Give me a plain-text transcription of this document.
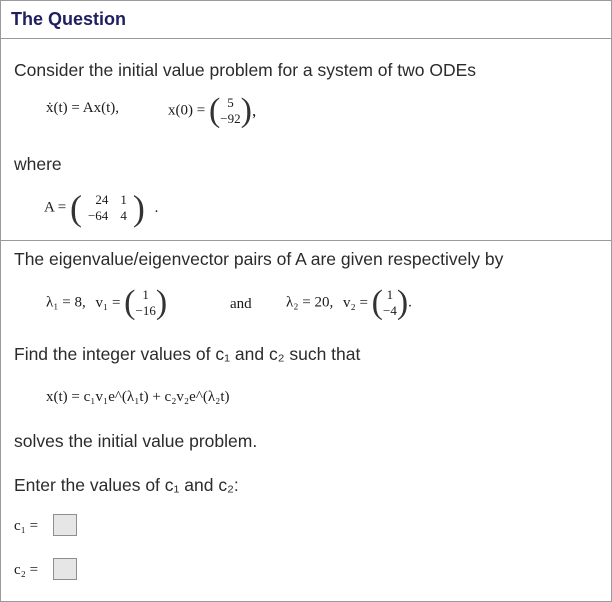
The Question
Consider the initial value problem for a system of two ODEs
ẋ(t) = Ax(t),	x(0) = ( 5
−92),
where
A = ( 24	1
−64	4 ) .
The eigenvalue/eigenvector pairs of A are given respectively by
λ₁ = 8, v₁ = ( 1
−16)	and λ₂ = 20, v₂ = ( 1
−4).
Find the integer values of c₁ and c₂ such that
x(t) = c₁v₁e^(λ₁t) + c₂v₂e^(λ₂t)
solves the initial value problem.
Enter the values of c₁ and c₂:
c₁ =
c₂ =
